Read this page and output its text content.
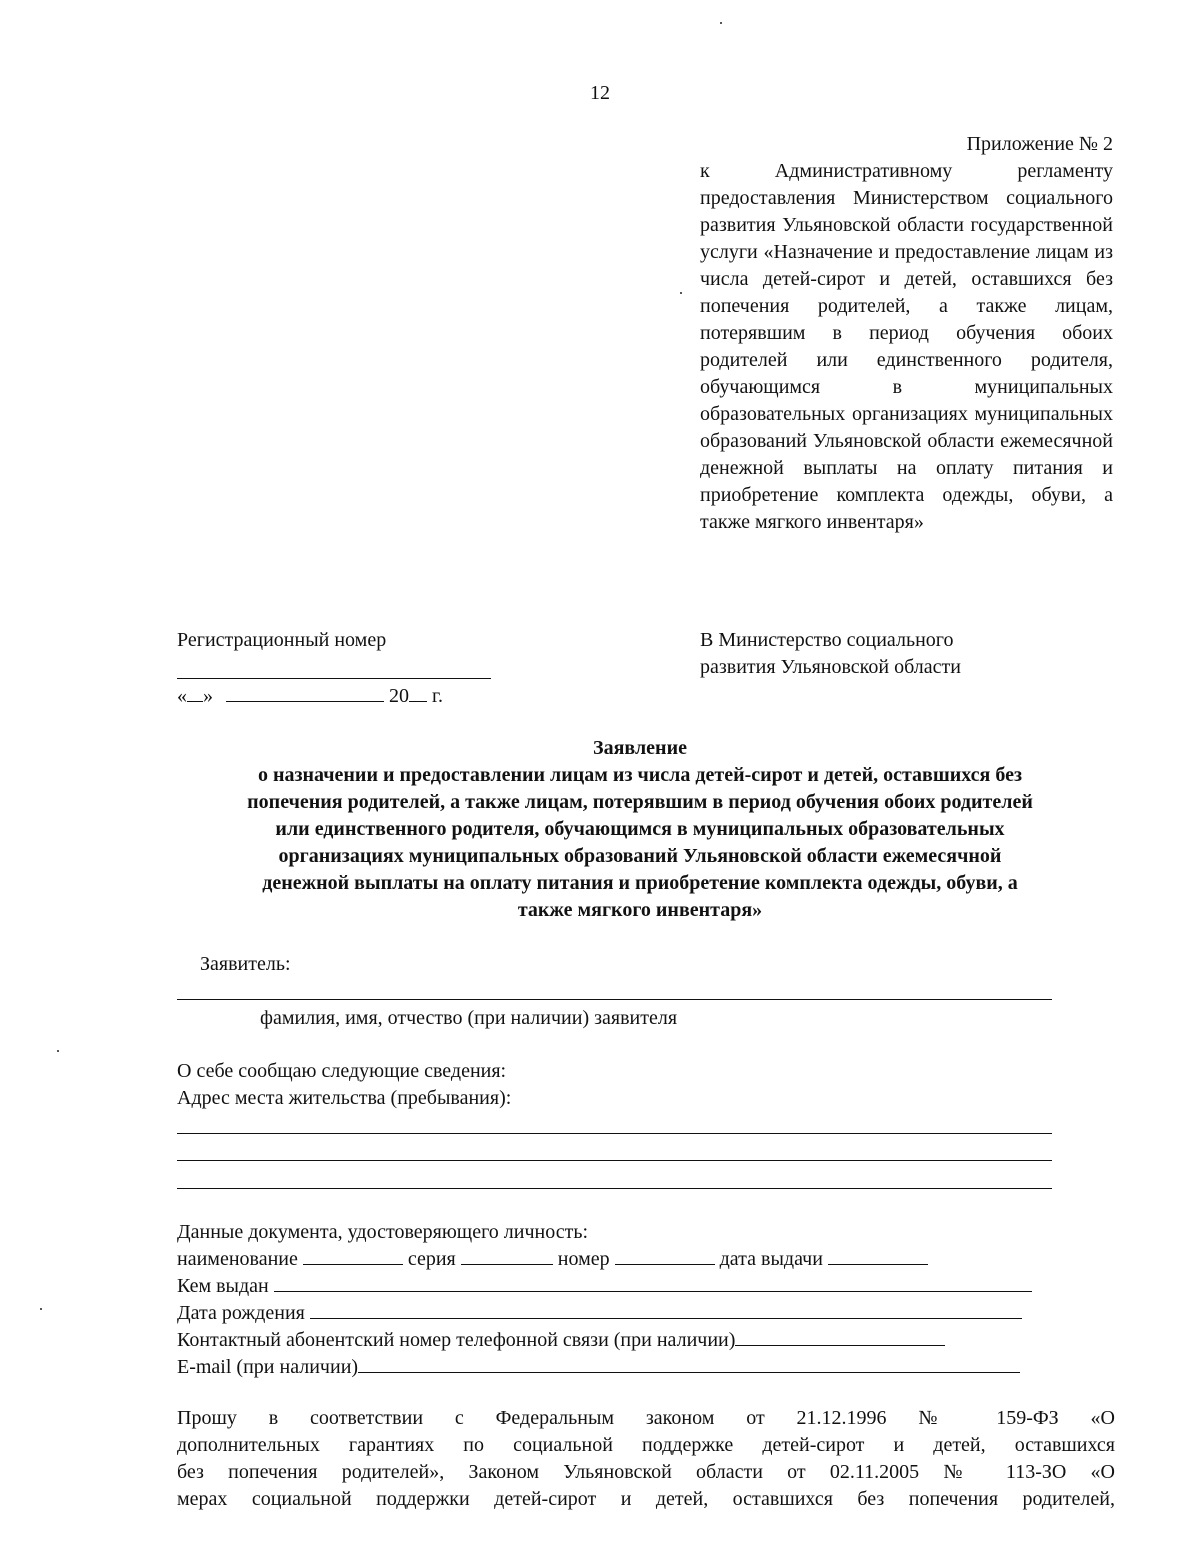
12
Приложение № 2
к Административному регламенту предоставления Министерством социального развития Ульяновской области государственной услуги «Назначение и предоставление лицам из числа детей-сирот и детей, оставшихся без попечения родителей, а также лицам, потерявшим в период обучения обоих родителей или единственного родителя, обучающимся в муниципальных образовательных организациях муниципальных образований Ульяновской области ежемесячной денежной выплаты на оплату питания и приобретение комплекта одежды, обуви, а также мягкого инвентаря»
Регистрационный номер
« »	20 г.
В Министерство социального
развития Ульяновской области
Заявление
о назначении и предоставлении лицам из числа детей-сирот и детей, оставшихся без
попечения родителей, а также лицам, потерявшим в период обучения обоих родителей
или единственного родителя, обучающимся в муниципальных образовательных
организациях муниципальных образований Ульяновской области ежемесячной
денежной выплаты на оплату питания и приобретение комплекта одежды, обуви, а
также мягкого инвентаря»
Заявитель:
фамилия, имя, отчество (при наличии) заявителя
О себе сообщаю следующие сведения:
Адрес места жительства (пребывания):
Данные документа, удостоверяющего личность:
наименование	серия	номер	дата выдачи
Кем выдан
Дата рождения
Контактный абонентский номер телефонной связи (при наличии)
E-mail (при наличии)
Прошу в соответствии с Федеральным законом от 21.12.1996 № 159-ФЗ «О
дополнительных гарантиях по социальной поддержке детей-сирот и детей, оставшихся
без попечения родителей», Законом Ульяновской области от 02.11.2005 № 113-ЗО «О
мерах социальной поддержки детей-сирот и детей, оставшихся без попечения родителей,
